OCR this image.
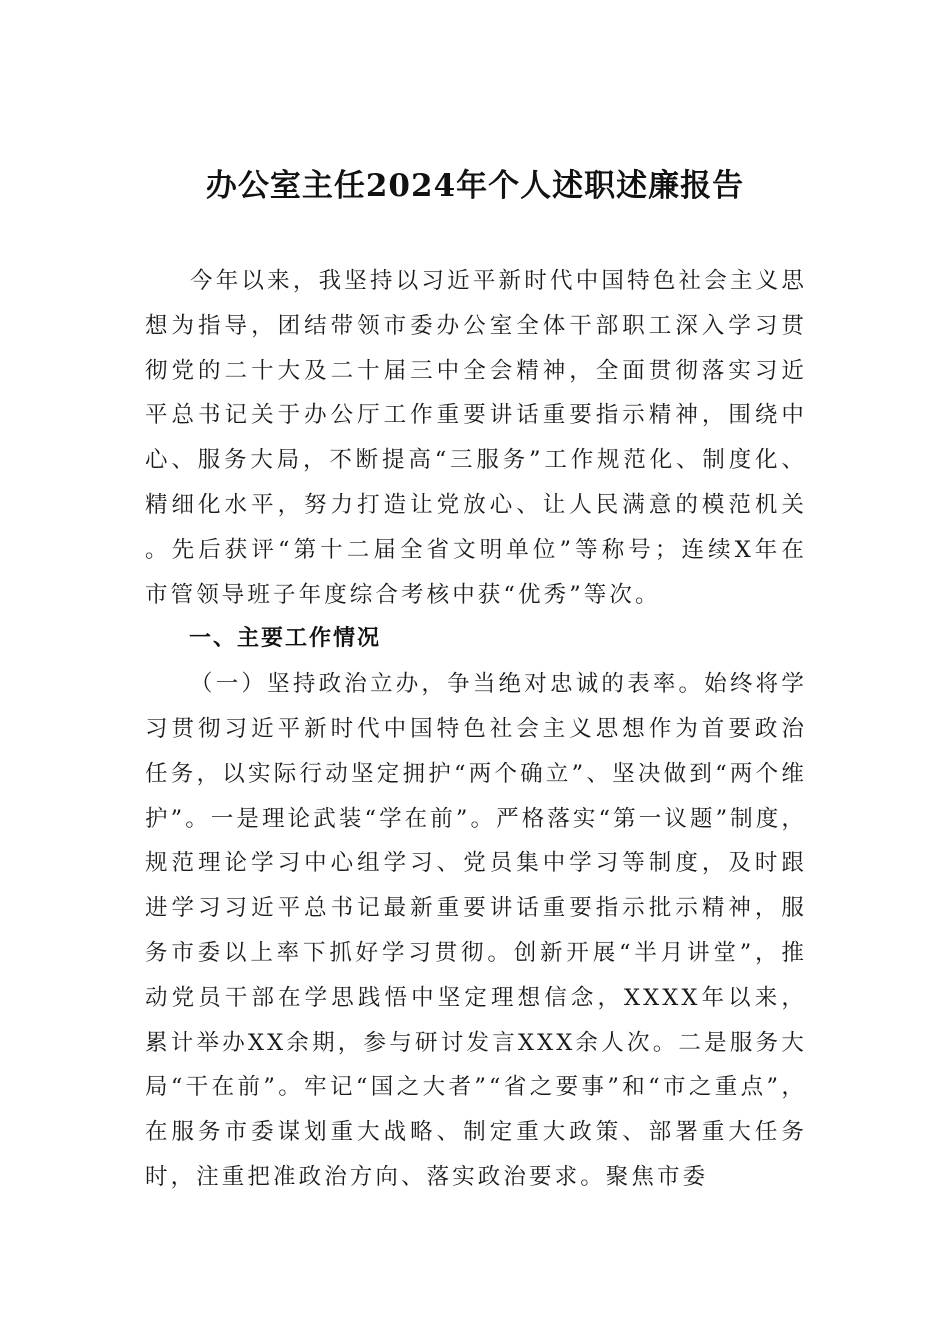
办公室主任2024年个人述职述廉报告

今年以来，我坚持以习近平新时代中国特色社会主义思想为指导，团结带领市委办公室全体干部职工深入学习贯彻党的二十大及二十届三中全会精神，全面贯彻落实习近平总书记关于办公厅工作重要讲话重要指示精神，围绕中心、服务大局，不断提高“三服务”工作规范化、制度化、精细化水平，努力打造让党放心、让人民满意的模范机关。先后获评“第十二届全省文明单位”等称号；连续X年在市管领导班子年度综合考核中获“优秀”等次。

一、主要工作情况

（一）坚持政治立办，争当绝对忠诚的表率。始终将学习贯彻习近平新时代中国特色社会主义思想作为首要政治任务，以实际行动坚定拥护“两个确立”、坚决做到“两个维护”。一是理论武装“学在前”。严格落实“第一议题”制度，规范理论学习中心组学习、党员集中学习等制度，及时跟进学习习近平总书记最新重要讲话重要指示批示精神，服务市委以上率下抓好学习贯彻。创新开展“半月讲堂”，推动党员干部在学思践悟中坚定理想信念，XXXX年以来，累计举办XX余期，参与研讨发言XXX余人次。二是服务大局“干在前”。牢记“国之大者”“省之要事”和“市之重点”，在服务市委谋划重大战略、制定重大政策、部署重大任务时，注重把准政治方向、落实政治要求。聚焦市委
